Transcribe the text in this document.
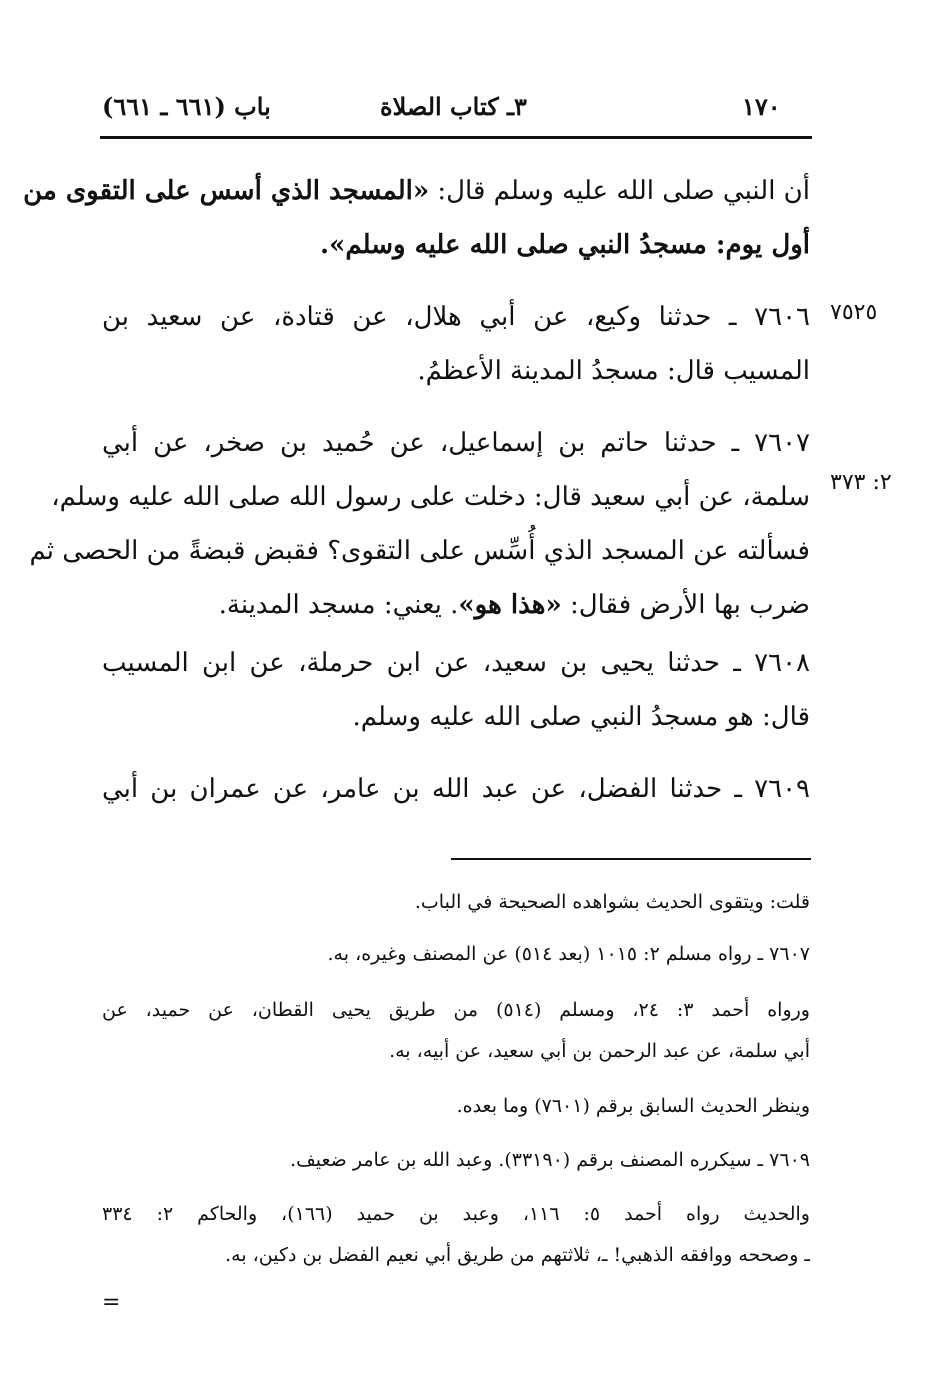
١٧٠
٣ـ كتاب الصلاة
باب (٦٦١ ـ ٦٦١)
٧٥٢٥
٢: ٣٧٣

أن النبي صلى الله عليه وسلم قال: «المسجد الذي أسس على التقوى من
أول يوم: مسجدُ النبي صلى الله عليه وسلم».

٧٦٠٦ ـ حدثنا وكيع، عن أبي هلال، عن قتادة، عن سعيد بن
المسيب قال: مسجدُ المدينة الأعظمُ.

٧٦٠٧ ـ حدثنا حاتم بن إسماعيل، عن حُميد بن صخر، عن أبي
سلمة، عن أبي سعيد قال: دخلت على رسول الله صلى الله عليه وسلم،
فسألته عن المسجد الذي أُسِّس على التقوى؟ فقبض قبضةً من الحصى ثم
ضرب بها الأرض فقال: «هذا هو». يعني: مسجد المدينة.

٧٦٠٨ ـ حدثنا يحيى بن سعيد، عن ابن حرملة، عن ابن المسيب
قال: هو مسجدُ النبي صلى الله عليه وسلم.

٧٦٠٩ ـ حدثنا الفضل، عن عبد الله بن عامر، عن عمران بن أبي

قلت: ويتقوى الحديث بشواهده الصحيحة في الباب.

٧٦٠٧ ـ رواه مسلم ٢: ١٠١٥ (بعد ٥١٤) عن المصنف وغيره، به.

ورواه أحمد ٣: ٢٤، ومسلم (٥١٤) من طريق يحيى القطان، عن حميد، عن
أبي سلمة، عن عبد الرحمن بن أبي سعيد، عن أبيه، به.

وينظر الحديث السابق برقم (٧٦٠١) وما بعده.

٧٦٠٩ ـ سيكرره المصنف برقم (٣٣١٩٠). وعبد الله بن عامر ضعيف.

والحديث رواه أحمد ٥: ١١٦، وعبد بن حميد (١٦٦)، والحاكم ٢: ٣٣٤
ـ وصححه ووافقه الذهبي! ـ، ثلاثتهم من طريق أبي نعيم الفضل بن دكين، به.

=
